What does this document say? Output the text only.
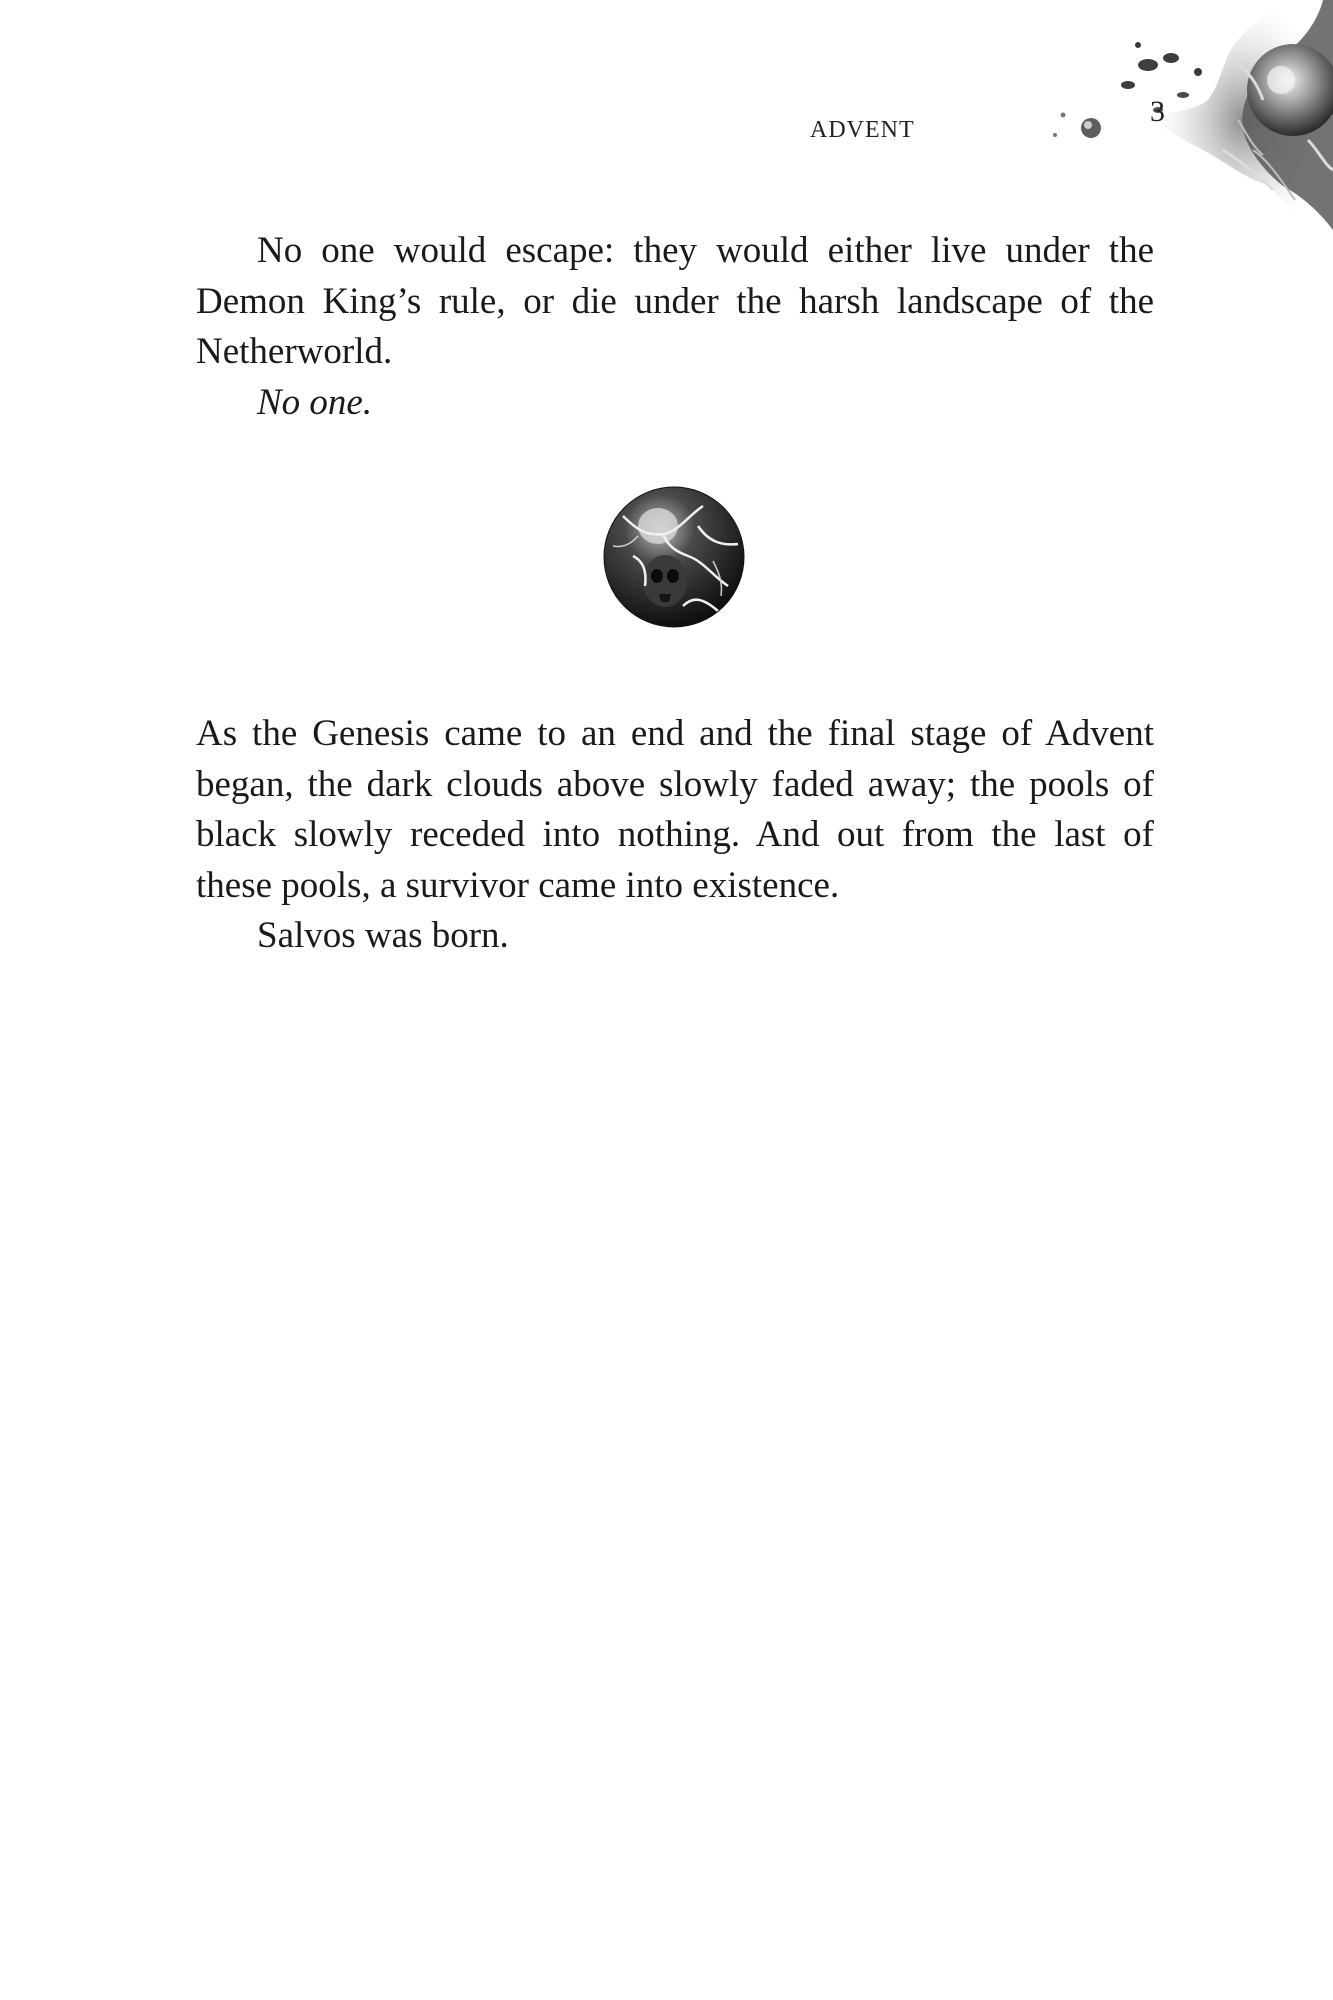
ADVENT
3

No one would escape: they would either live under the Demon King’s rule, or die under the harsh landscape of the Netherworld.

No one.

As the Genesis came to an end and the final stage of Advent began, the dark clouds above slowly faded away; the pools of black slowly receded into nothing. And out from the last of these pools, a survivor came into existence.

Salvos was born.
